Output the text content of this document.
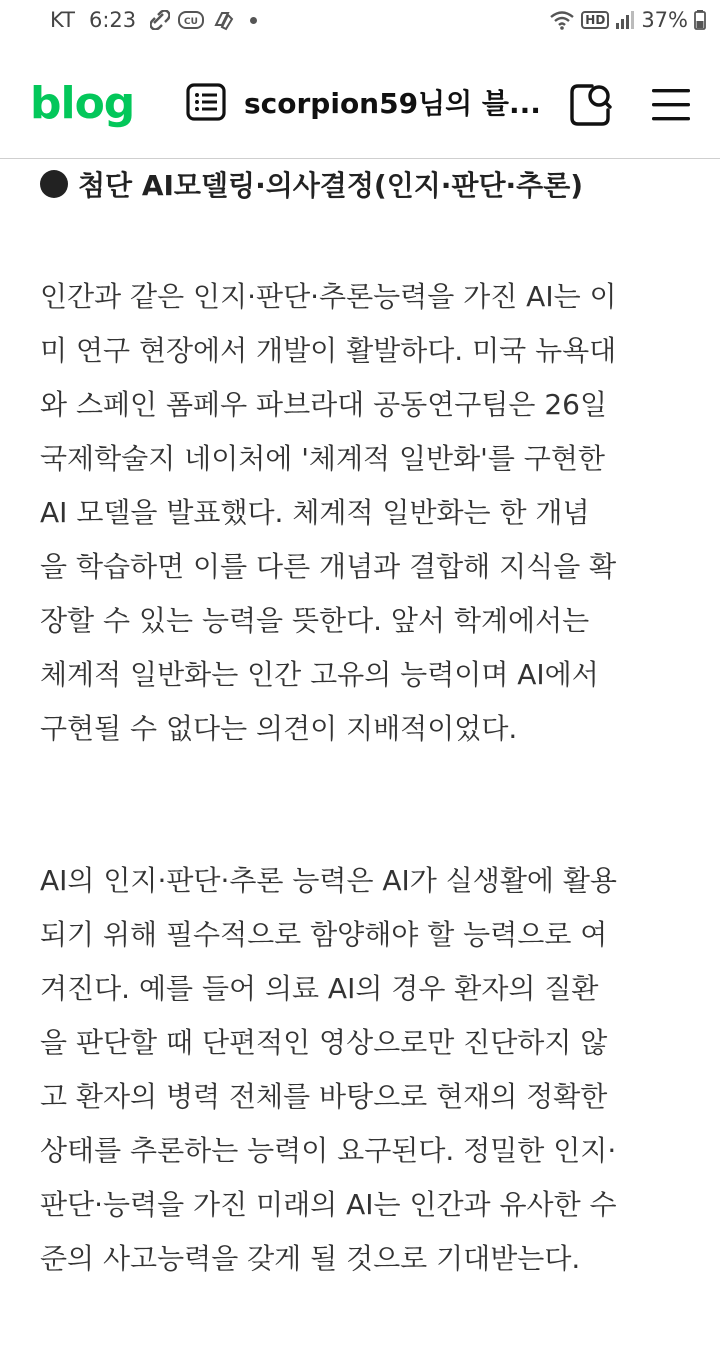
KT 6:23	CU	HD 37%
blog	scorpion59님의 블...
첨단 AI모델링·의사결정(인지·판단·추론)
인간과 같은 인지·판단·추론능력을 가진 AI는 이
미 연구 현장에서 개발이 활발하다. 미국 뉴욕대
와 스페인 폼페우 파브라대 공동연구팀은 26일
국제학술지 네이처에 '체계적 일반화'를 구현한
AI 모델을 발표했다. 체계적 일반화는 한 개념
을 학습하면 이를 다른 개념과 결합해 지식을 확
장할 수 있는 능력을 뜻한다. 앞서 학계에서는
체계적 일반화는 인간 고유의 능력이며 AI에서
구현될 수 없다는 의견이 지배적이었다.
AI의 인지·판단·추론 능력은 AI가 실생활에 활용
되기 위해 필수적으로 함양해야 할 능력으로 여
겨진다. 예를 들어 의료 AI의 경우 환자의 질환
을 판단할 때 단편적인 영상으로만 진단하지 않
고 환자의 병력 전체를 바탕으로 현재의 정확한
상태를 추론하는 능력이 요구된다. 정밀한 인지·
판단·능력을 가진 미래의 AI는 인간과 유사한 수
준의 사고능력을 갖게 될 것으로 기대받는다.
